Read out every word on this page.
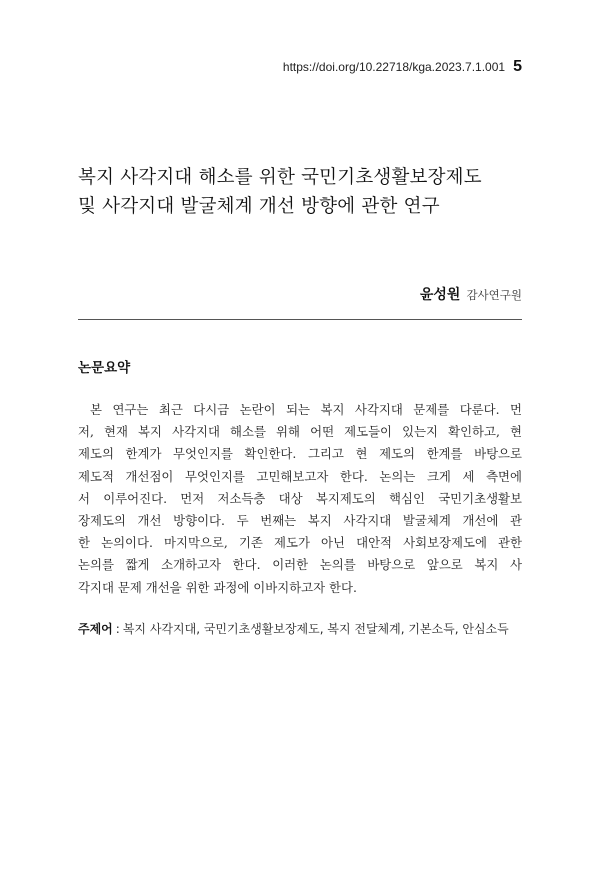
https://doi.org/10.22718/kga.2023.7.1.001 5
복지 사각지대 해소를 위한 국민기초생활보장제도
및 사각지대 발굴체계 개선 방향에 관한 연구
윤성원 감사연구원
논문요약
본 연구는 최근 다시금 논란이 되는 복지 사각지대 문제를 다룬다. 먼
저, 현재 복지 사각지대 해소를 위해 어떤 제도들이 있는지 확인하고, 현
제도의 한계가 무엇인지를 확인한다. 그리고 현 제도의 한계를 바탕으로
제도적 개선점이 무엇인지를 고민해보고자 한다. 논의는 크게 세 측면에
서 이루어진다. 먼저 저소득층 대상 복지제도의 핵심인 국민기초생활보
장제도의 개선 방향이다. 두 번째는 복지 사각지대 발굴체계 개선에 관
한 논의이다. 마지막으로, 기존 제도가 아닌 대안적 사회보장제도에 관한
논의를 짧게 소개하고자 한다. 이러한 논의를 바탕으로 앞으로 복지 사
각지대 문제 개선을 위한 과정에 이바지하고자 한다.
주제어 : 복지 사각지대, 국민기초생활보장제도, 복지 전달체계, 기본소득, 안심소득
